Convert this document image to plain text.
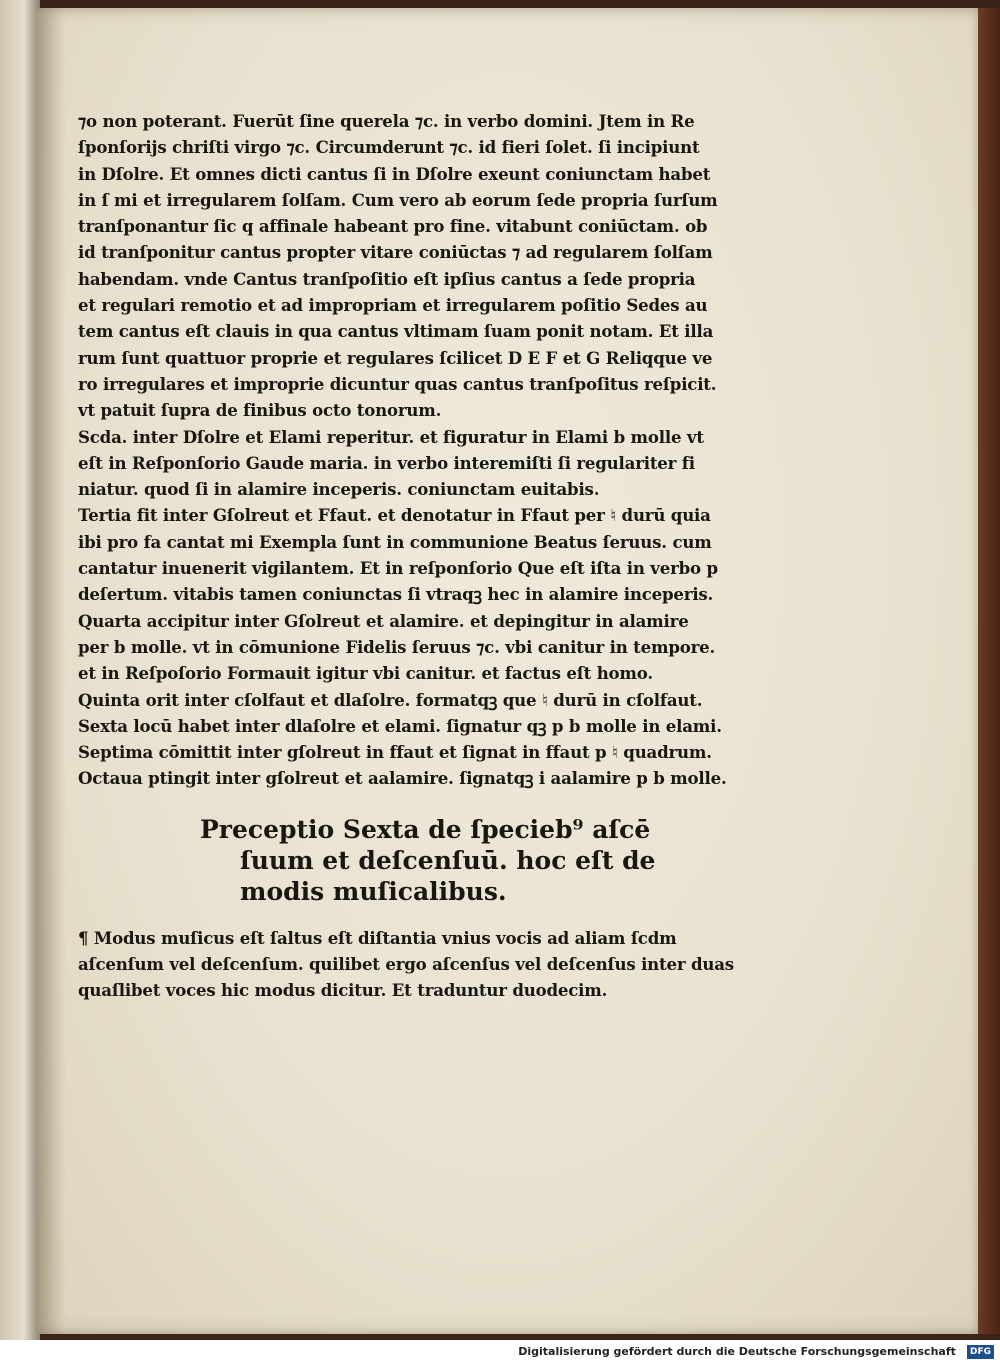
⁊o non poterant. Fuerūt ſine querela ⁊c. in verbo domini. Jtem in Re
ſponſorijs chriſti virgo ⁊c. Circumderunt ⁊c. id fieri ſolet. ſi incipiunt
in Dſolre. Et omnes dicti cantus ſi in Dſolre exeunt coniunctam habet
in ſ mi et irregularem ſolſam. Cum vero ab eorum ſede propria ſurſum
tranſponantur ſic q affinale habeant pro fine. vitabunt coniūctam. ob
id tranſponitur cantus propter vitare coniūctas ⁊ ad regularem ſolſam
habendam. vnde Cantus tranſpoſitio eſt ipſius cantus a ſede propria
et regulari remotio et ad impropriam et irregularem poſitio Sedes au
tem cantus eſt clauis in qua cantus vltimam ſuam ponit notam. Et illa
rum ſunt quattuor proprie et regulares ſcilicet D E F et G Reliqque ve
ro irregulares et improprie dicuntur quas cantus tranſpoſitus reſpicit.
vt patuit ſupra de finibus octo tonorum.
Scda. inter Dſolre et Elami reperitur. et figuratur in Elami b molle vt
eſt in Reſponſorio Gaude maria. in verbo interemiſti ſi regulariter fi
niatur. quod ſi in alamire inceperis. coniunctam euitabis.
Tertia fit inter Gſolreut et Ffaut. et denotatur in Ffaut per ♮ durū quia
ibi pro fa cantat mi Exempla ſunt in communione Beatus ſeruus. cum
cantatur inuenerit vigilantem. Et in reſponſorio Que eſt iſta in verbo p
deſertum. vitabis tamen coniunctas ſi vtraqꝫ hec in alamire inceperis.
Quarta accipitur inter Gſolreut et alamire. et depingitur in alamire
per b molle. vt in cōmunione Fidelis ſeruus ⁊c. vbi canitur in tempore.
et in Reſpoſorio Formauit igitur vbi canitur. et factus eſt homo.
Quinta orit inter cſolfaut et dlaſolre. formatqꝫ que ♮ durū in cſolfaut.
Sexta locū habet inter dlaſolre et elami. ſignatur qꝫ p b molle in elami.
Septima cōmittit inter gſolreut in ffaut et ſignat in ffaut p ♮ quadrum.
Octaua ptingit inter gſolreut et aalamire. ſignatqꝫ i aalamire p b molle.
Preceptio Sexta de ſpecieb⁹ aſcē
ſuum et deſcenſuū. hoc eſt de
modis muſicalibus.
¶ Modus muſicus eſt ſaltus eſt diſtantia vnius vocis ad aliam ſcdm
aſcenſum vel deſcenſum. quilibet ergo aſcenſus vel deſcenſus inter duas
quaſlibet voces hic modus dicitur. Et traduntur duodecim.
Digitalisierung gefördert durch die Deutsche Forschungsgemeinschaft DFG
